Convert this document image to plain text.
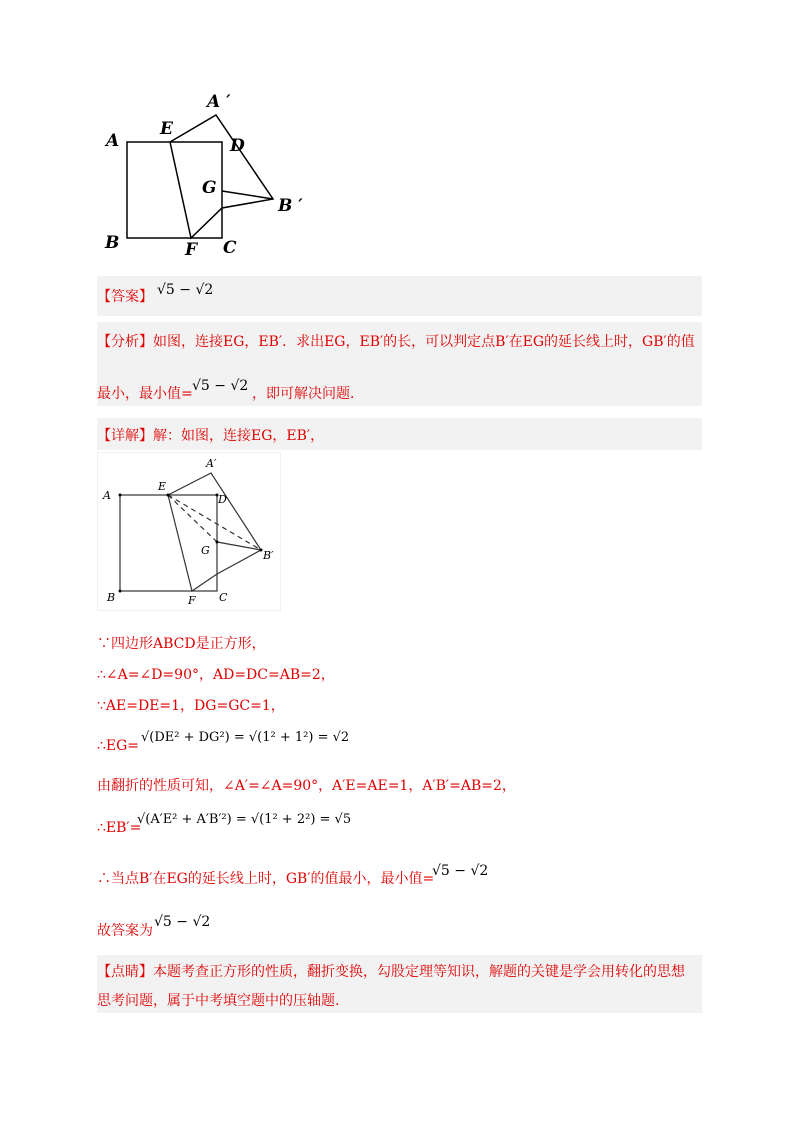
A
E
A ′
D
G
B ′
B	F C
【答案】 √5 − √2
【分析】如图，连接EG，EB′．求出EG，EB′的长，可以判定点B′在EG的延长线上时，GB′的值
最小，最小值= √5 − √2 ，即可解决问题.
【详解】解：如图，连接EG，EB′，
A
E
A′
D
G	B′
B	F C
∵四边形ABCD是正方形，
∴∠A=∠D=90°，AD=DC=AB=2，
∵AE=DE=1，DG=GC=1，
∴EG=
√(DE² + DG²) = √(1² + 1²) = √2
由翻折的性质可知，∠A′=∠A=90°，A′E=AE=1，A′B′=AB=2，
∴EB′=
√(A′E² + A′B′²) = √(1² + 2²) = √5
∴当点B′在EG的延长线上时，GB′的值最小，最小值=
√5 − √2
故答案为
√5 − √2
【点睛】本题考查正方形的性质，翻折变换，勾股定理等知识，解题的关键是学会用转化的思想
思考问题，属于中考填空题中的压轴题.
